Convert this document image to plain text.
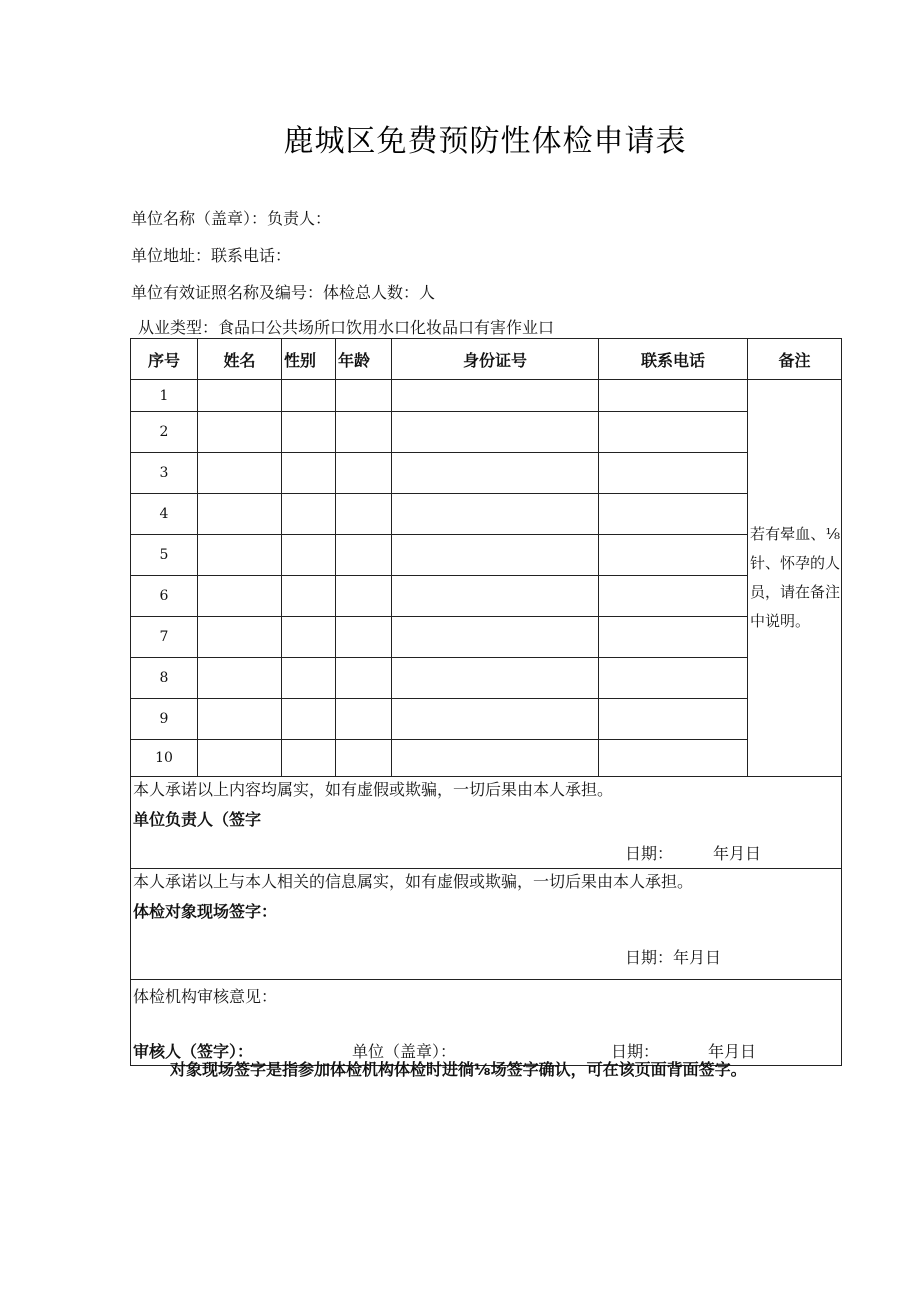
鹿城区免费预防性体检申请表
单位名称（盖章）：负责人：
单位地址：联系电话：
单位有效证照名称及编号：体检总人数：人
从业类型：食品口公共场所口饮用水口化妆品口有害作业口
序号	姓名	性别	年龄	身份证号	联系电话	备注
1						若有晕血、⅛针、怀孕的人员，请在备注中说明。
2						
3						
4						
5						
6						
7						
8						
9						
10						

本人承诺以上内容均属实，如有虚假或欺骗，一切后果由本人承担。
单位负责人（签字
日期： 年月日						

本人承诺以上与本人相关的信息属实，如有虚假或欺骗，一切后果由本人承担。
体检对象现场签字：
日期：年月日						

体检机构审核意见：
审核人（签字）： 单位（盖章）： 日期： 年月日						
对象现场签字是指参加体检机构体检时进徜⅛场签字确认，可在该页面背面签字。
